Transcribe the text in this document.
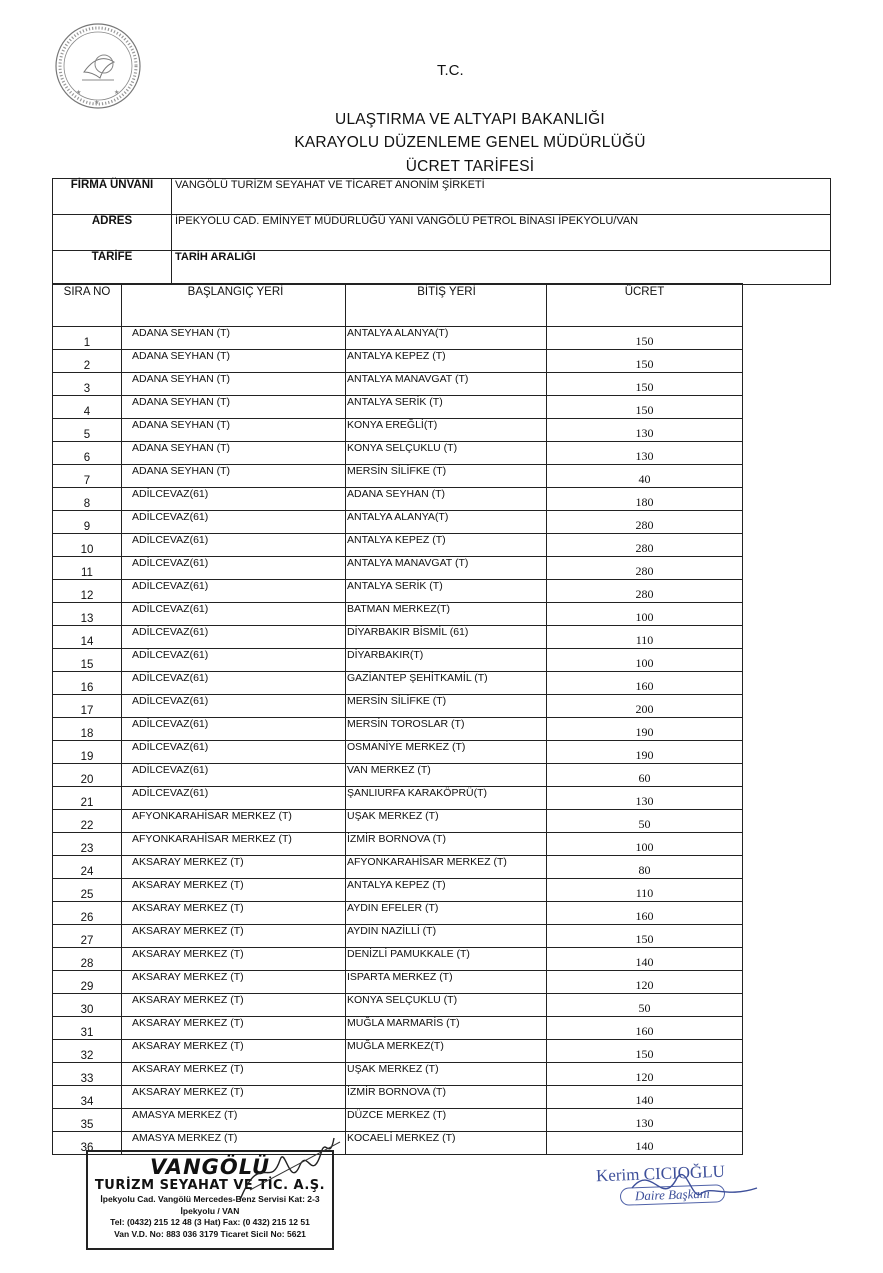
★	★
★
T.C.
ULAŞTIRMA VE ALTYAPI BAKANLIĞI
KARAYOLU DÜZENLEME GENEL MÜDÜRLÜĞÜ
ÜCRET TARİFESİ
FİRMA ÜNVANI	VANGÖLÜ TURİZM SEYAHAT VE TİCARET ANONİM ŞİRKETİ
ADRES	İPEKYOLU CAD. EMİNYET MÜDÜRLÜĞÜ YANI VANGÖLÜ PETROL BİNASI İPEKYOLU/VAN
TARİFE	TARİH ARALIĞI
SIRA NO	BAŞLANGIÇ YERİ	BİTİŞ YERİ	ÜCRET
1	ADANA SEYHAN (T)	ANTALYA ALANYA(T)	150
2	ADANA SEYHAN (T)	ANTALYA KEPEZ (T)	150
3	ADANA SEYHAN (T)	ANTALYA MANAVGAT (T)	150
4	ADANA SEYHAN (T)	ANTALYA SERİK (T)	150
5	ADANA SEYHAN (T)	KONYA EREĞLİ(T)	130
6	ADANA SEYHAN (T)	KONYA SELÇUKLU (T)	130
7	ADANA SEYHAN (T)	MERSİN SİLİFKE (T)	40
8	ADİLCEVAZ(61)	ADANA SEYHAN (T)	180
9	ADİLCEVAZ(61)	ANTALYA ALANYA(T)	280
10	ADİLCEVAZ(61)	ANTALYA KEPEZ (T)	280
11	ADİLCEVAZ(61)	ANTALYA MANAVGAT (T)	280
12	ADİLCEVAZ(61)	ANTALYA SERİK (T)	280
13	ADİLCEVAZ(61)	BATMAN MERKEZ(T)	100
14	ADİLCEVAZ(61)	DİYARBAKIR BİSMİL (61)	110
15	ADİLCEVAZ(61)	DİYARBAKIR(T)	100
16	ADİLCEVAZ(61)	GAZİANTEP ŞEHİTKAMİL (T)	160
17	ADİLCEVAZ(61)	MERSİN SİLİFKE (T)	200
18	ADİLCEVAZ(61)	MERSİN TOROSLAR (T)	190
19	ADİLCEVAZ(61)	OSMANİYE MERKEZ (T)	190
20	ADİLCEVAZ(61)	VAN MERKEZ (T)	60
21	ADİLCEVAZ(61)	ŞANLIURFA KARAKÖPRÜ(T)	130
22	AFYONKARAHİSAR MERKEZ (T)	UŞAK MERKEZ (T)	50
23	AFYONKARAHİSAR MERKEZ (T)	İZMİR BORNOVA (T)	100
24	AKSARAY MERKEZ (T)	AFYONKARAHİSAR MERKEZ (T)	80
25	AKSARAY MERKEZ (T)	ANTALYA KEPEZ (T)	110
26	AKSARAY MERKEZ (T)	AYDIN EFELER (T)	160
27	AKSARAY MERKEZ (T)	AYDIN NAZİLLİ (T)	150
28	AKSARAY MERKEZ (T)	DENİZLİ PAMUKKALE (T)	140
29	AKSARAY MERKEZ (T)	ISPARTA MERKEZ (T)	120
30	AKSARAY MERKEZ (T)	KONYA SELÇUKLU (T)	50
31	AKSARAY MERKEZ (T)	MUĞLA MARMARİS (T)	160
32	AKSARAY MERKEZ (T)	MUĞLA MERKEZ(T)	150
33	AKSARAY MERKEZ (T)	UŞAK MERKEZ (T)	120
34	AKSARAY MERKEZ (T)	İZMİR BORNOVA (T)	140
35	AMASYA MERKEZ (T)	DÜZCE MERKEZ (T)	130
36	AMASYA MERKEZ (T)	KOCAELİ MERKEZ (T)	140
VANGÖLÜ
TURİZM SEYAHAT VE TİC. A.Ş.
İpekyolu Cad. Vangölü Mercedes-Benz Servisi Kat: 2-3 İpekyolu / VAN
Tel: (0432) 215 12 48 (3 Hat) Fax: (0 432) 215 12 51
Van V.D. No: 883 036 3179 Ticaret Sicil No: 5621
Kerim CICIOĞLU
Daire Başkanı
